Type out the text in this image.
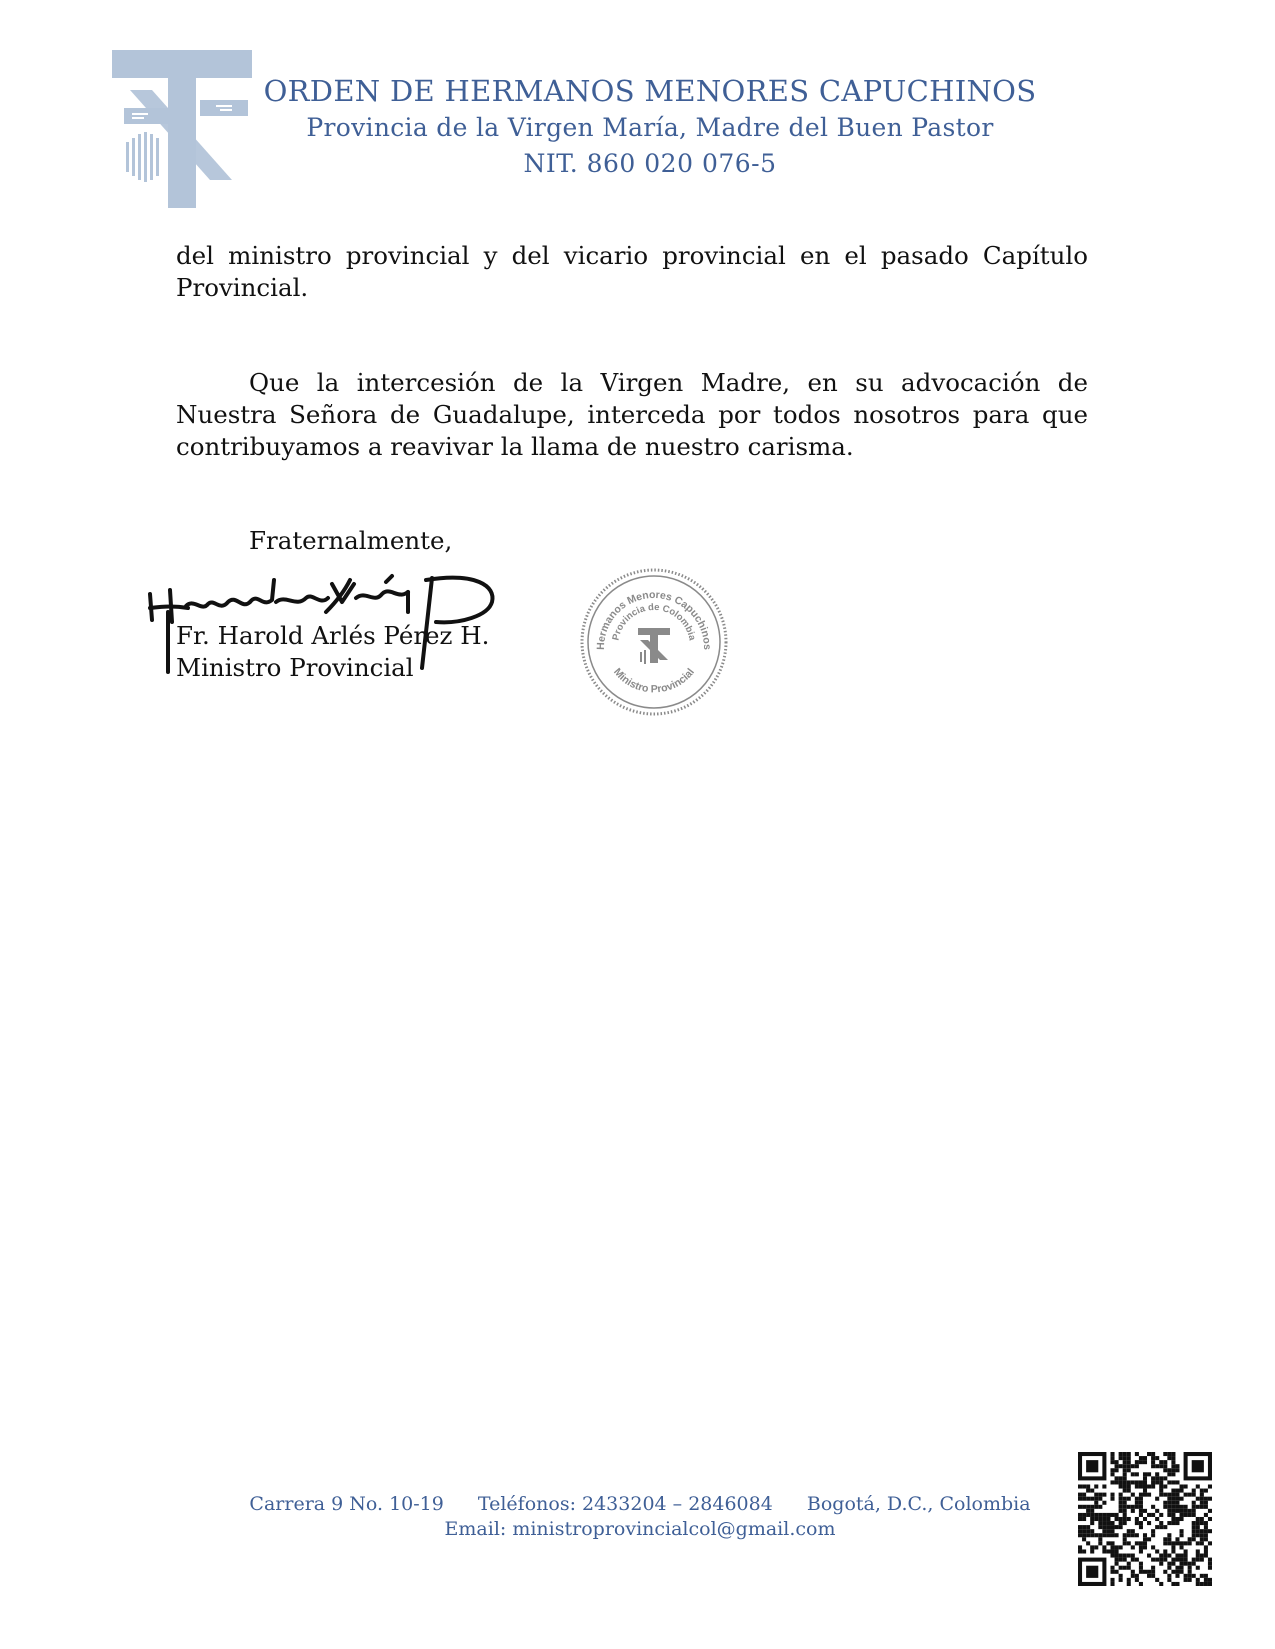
ORDEN DE HERMANOS MENORES CAPUCHINOS
Provincia de la Virgen María, Madre del Buen Pastor
NIT. 860 020 076-5
del ministro provincial y del vicario provincial en el pasado Capítulo Provincial.
Que la intercesión de la Virgen Madre, en su advocación de Nuestra Señora de Guadalupe, interceda por todos nosotros para que contribuyamos a reavivar la llama de nuestro carisma.
Fraternalmente,
Fr. Harold Arlés Pérez H.
Ministro Provincial
Hermanos Menores Capuchinos
Provincia de Colombia
Ministro Provincial
Carrera 9 No. 10-19 Teléfonos: 2433204 – 2846084 Bogotá, D.C., Colombia
Email: ministroprovincialcol@gmail.com
